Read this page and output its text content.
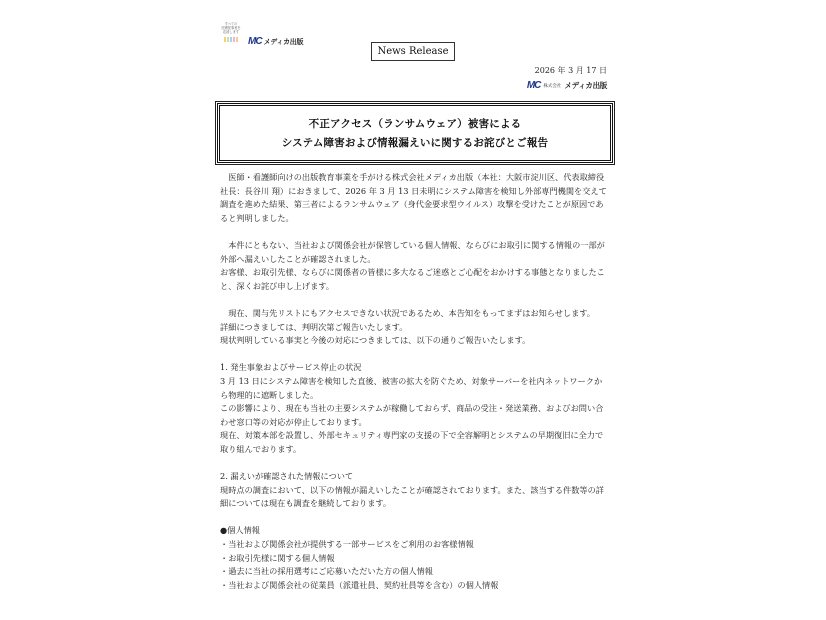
すべての
医療従事者を
応援します
MC メディカ出版
News Release
2026 年 3 月 17 日
MC 株式会社 メディカ出版
不正アクセス（ランサムウェア）被害による
システム障害および情報漏えいに関するお詫びとご報告

医師・看護師向けの出版教育事業を手がける株式会社メディカ出版（本社：大阪市淀川区、代表取締役社長：長谷川 翔）におきまして、2026 年 3 月 13 日未明にシステム障害を検知し外部専門機関を交えて調査を進めた結果、第三者によるランサムウェア（身代金要求型ウイルス）攻撃を受けたことが原因であると判明しました。

本件にともない、当社および関係会社が保管している個人情報、ならびにお取引に関する情報の一部が外部へ漏えいしたことが確認されました。

お客様、お取引先様、ならびに関係者の皆様に多大なるご迷惑とご心配をおかけする事態となりましたこと、深くお詫び申し上げます。

現在、関与先リストにもアクセスできない状況であるため、本告知をもってまずはお知らせします。

詳細につきましては、判明次第ご報告いたします。

現状判明している事実と今後の対応につきましては、以下の通りご報告いたします。

1. 発生事象およびサービス停止の状況

3 月 13 日にシステム障害を検知した直後、被害の拡大を防ぐため、対象サーバーを社内ネットワークから物理的に遮断しました。

この影響により、現在も当社の主要システムが稼働しておらず、商品の受注・発送業務、およびお問い合わせ窓口等の対応が停止しております。

現在、対策本部を設置し、外部セキュリティ専門家の支援の下で全容解明とシステムの早期復旧に全力で取り組んでおります。

2. 漏えいが確認された情報について

現時点の調査において、以下の情報が漏えいしたことが確認されております。また、該当する件数等の詳細については現在も調査を継続しております。

●個人情報

・当社および関係会社が提供する一部サービスをご利用のお客様情報
・お取引先様に関する個人情報
・過去に当社の採用選考にご応募いただいた方の個人情報
・当社および関係会社の従業員（派遣社員、契約社員等を含む）の個人情報
